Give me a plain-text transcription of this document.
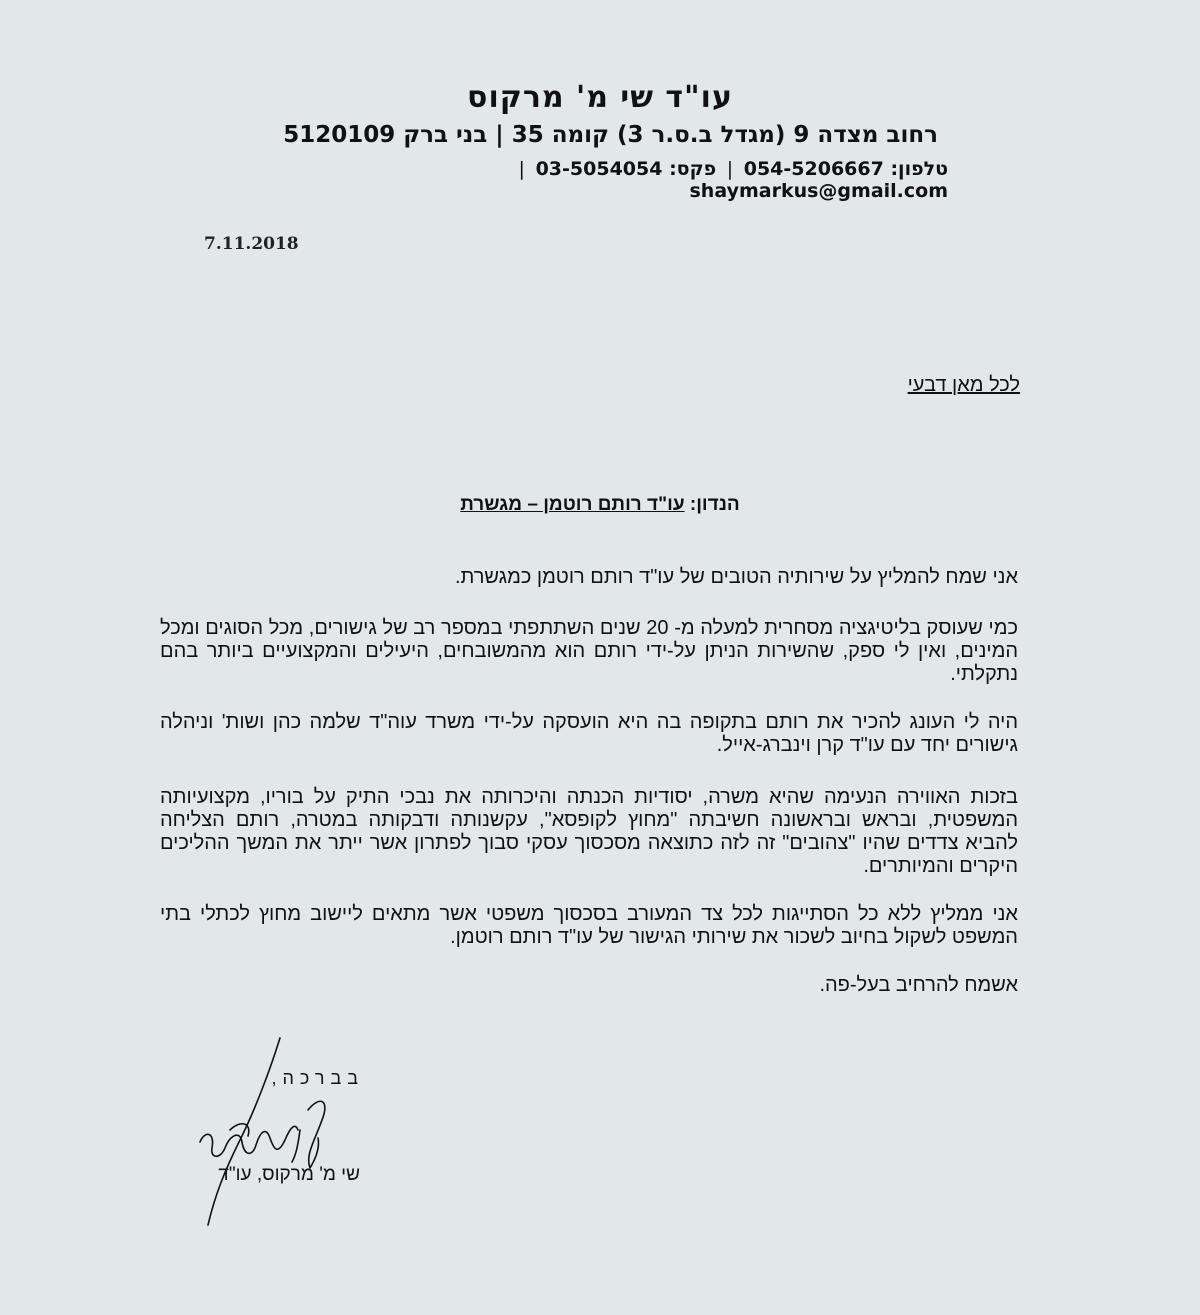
עו"ד שי מ' מרקוס
רחוב מצדה 9 (מגדל ב.ס.ר 3) קומה 35 | בני ברק 5120109
טלפון: 054-5206667 | פקס: 03-5054054 | shaymarkus@gmail.com
7.11.2018
לכל מאן דבעי
הנדון: עו"ד רותם רוטמן – מגשרת
אני שמח להמליץ על שירותיה הטובים של עו"ד רותם רוטמן כמגשרת.
כמי שעוסק בליטיגציה מסחרית למעלה מ- 20 שנים השתתפתי במספר רב של גישורים, מכל הסוגים ומכל המינים, ואין לי ספק, שהשירות הניתן על-ידי רותם הוא מהמשובחים, היעילים והמקצועיים ביותר בהם נתקלתי.
היה לי העונג להכיר את רותם בתקופה בה היא הועסקה על-ידי משרד עוה"ד שלמה כהן ושות' וניהלה גישורים יחד עם עו"ד קרן וינברג-אייל.
בזכות האווירה הנעימה שהיא משרה, יסודיות הכנתה והיכרותה את נבכי התיק על בוריו, מקצועיותה המשפטית, ובראש ובראשונה חשיבתה "מחוץ לקופסא", עקשנותה ודבקותה במטרה, רותם הצליחה להביא צדדים שהיו "צהובים" זה לזה כתוצאה מסכסוך עסקי סבוך לפתרון אשר ייתר את המשך ההליכים היקרים והמיותרים.
אני ממליץ ללא כל הסתייגות לכל צד המעורב בסכסוך משפטי אשר מתאים ליישוב מחוץ לכתלי בתי המשפט לשקול בחיוב לשכור את שירותי הגישור של עו"ד רותם רוטמן.
אשמח להרחיב בעל-פה.
בברכה,
שי מ' מרקוס, עו"ד
